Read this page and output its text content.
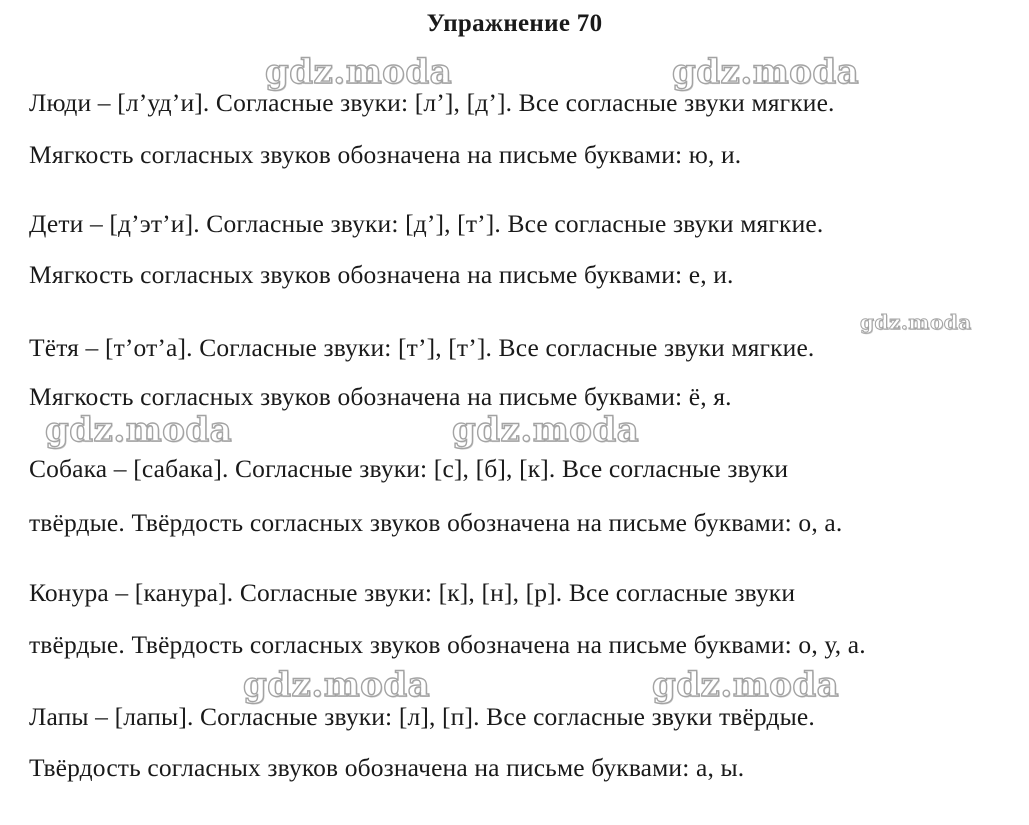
Упражнение 70
gdz.moda	gdz.moda
gdz.moda
gdz.moda	gdz.moda
gdz.moda	gdz.moda
Люди – [л’уд’и]. Согласные звуки: [л’], [д’]. Все согласные звуки мягкие.
Мягкость согласных звуков обозначена на письме буквами: ю, и.
Дети – [д’эт’и]. Согласные звуки: [д’], [т’]. Все согласные звуки мягкие.
Мягкость согласных звуков обозначена на письме буквами: е, и.
Тётя – [т’от’а]. Согласные звуки: [т’], [т’]. Все согласные звуки мягкие.
Мягкость согласных звуков обозначена на письме буквами: ё, я.
Собака – [сабака]. Согласные звуки: [с], [б], [к]. Все согласные звуки
твёрдые. Твёрдость согласных звуков обозначена на письме буквами: о, а.
Конура – [канура]. Согласные звуки: [к], [н], [р]. Все согласные звуки
твёрдые. Твёрдость согласных звуков обозначена на письме буквами: о, у, а.
Лапы – [лапы]. Согласные звуки: [л], [п]. Все согласные звуки твёрдые.
Твёрдость согласных звуков обозначена на письме буквами: а, ы.
